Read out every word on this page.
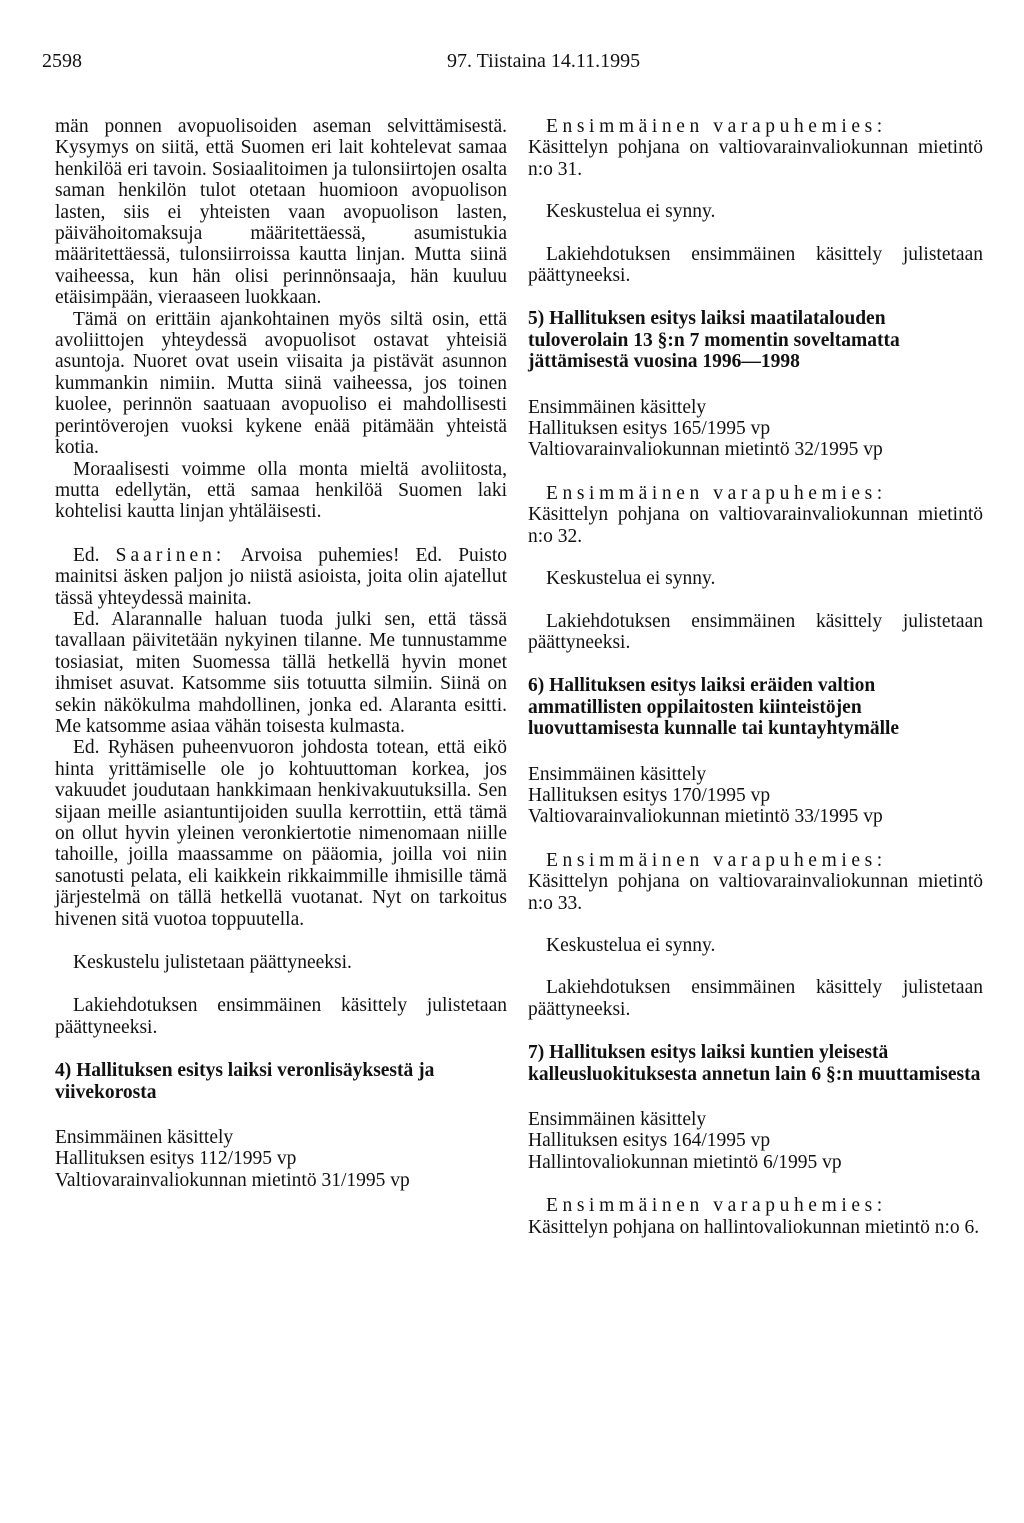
2598	97. Tiistaina 14.11.1995

män ponnen avopuolisoiden aseman selvittämisestä. Kysymys on siitä, että Suomen eri lait kohtelevat samaa henkilöä eri tavoin. Sosiaalitoimen ja tulonsiirtojen osalta saman henkilön tulot otetaan huomioon avopuolison lasten, siis ei yhteisten vaan avopuolison lasten, päivähoitomaksuja määritettäessä, asumistukia määritettäessä, tulonsiirroissa kautta linjan. Mutta siinä vaiheessa, kun hän olisi perinnönsaaja, hän kuuluu etäisimpään, vieraaseen luokkaan.

Tämä on erittäin ajankohtainen myös siltä osin, että avoliittojen yhteydessä avopuolisot ostavat yhteisiä asuntoja. Nuoret ovat usein viisaita ja pistävät asunnon kummankin nimiin. Mutta siinä vaiheessa, jos toinen kuolee, perinnön saatuaan avopuoliso ei mahdollisesti perintöverojen vuoksi kykene enää pitämään yhteistä kotia.

Moraalisesti voimme olla monta mieltä avoliitosta, mutta edellytän, että samaa henkilöä Suomen laki kohtelisi kautta linjan yhtäläisesti.

Ed. Saarinen: Arvoisa puhemies! Ed. Puisto mainitsi äsken paljon jo niistä asioista, joita olin ajatellut tässä yhteydessä mainita.

Ed. Alarannalle haluan tuoda julki sen, että tässä tavallaan päivitetään nykyinen tilanne. Me tunnustamme tosiasiat, miten Suomessa tällä hetkellä hyvin monet ihmiset asuvat. Katsomme siis totuutta silmiin. Siinä on sekin näkökulma mahdollinen, jonka ed. Alaranta esitti. Me katsomme asiaa vähän toisesta kulmasta.

Ed. Ryhäsen puheenvuoron johdosta totean, että eikö hinta yrittämiselle ole jo kohtuuttoman korkea, jos vakuudet joudutaan hankkimaan henkivakuutuksilla. Sen sijaan meille asiantuntijoiden suulla kerrottiin, että tämä on ollut hyvin yleinen veronkiertotie nimenomaan niille tahoille, joilla maassamme on pääomia, joilla voi niin sanotusti pelata, eli kaikkein rikkaimmille ihmisille tämä järjestelmä on tällä hetkellä vuotanat. Nyt on tarkoitus hivenen sitä vuotoa toppuutella.

Keskustelu julistetaan päättyneeksi.

Lakiehdotuksen ensimmäinen käsittely julistetaan päättyneeksi.

4) Hallituksen esitys laiksi veronlisäyksestä ja viivekorosta

Ensimmäinen käsittely

Hallituksen esitys 112/1995 vp

Valtiovarainvaliokunnan mietintö 31/1995 vp

Ensimmäinen varapuhemies:

Käsittelyn pohjana on valtiovarainvaliokunnan mietintö n:o 31.

Keskustelua ei synny.

Lakiehdotuksen ensimmäinen käsittely julistetaan päättyneeksi.

5) Hallituksen esitys laiksi maatilatalouden tuloverolain 13 §:n 7 momentin soveltamatta jättämisestä vuosina 1996—1998

Ensimmäinen käsittely

Hallituksen esitys 165/1995 vp

Valtiovarainvaliokunnan mietintö 32/1995 vp

Ensimmäinen varapuhemies:

Käsittelyn pohjana on valtiovarainvaliokunnan mietintö n:o 32.

Keskustelua ei synny.

Lakiehdotuksen ensimmäinen käsittely julistetaan päättyneeksi.

6) Hallituksen esitys laiksi eräiden valtion ammatillisten oppilaitosten kiinteistöjen luovuttamisesta kunnalle tai kuntayhtymälle

Ensimmäinen käsittely

Hallituksen esitys 170/1995 vp

Valtiovarainvaliokunnan mietintö 33/1995 vp

Ensimmäinen varapuhemies:

Käsittelyn pohjana on valtiovarainvaliokunnan mietintö n:o 33.

Keskustelua ei synny.

Lakiehdotuksen ensimmäinen käsittely julistetaan päättyneeksi.

7) Hallituksen esitys laiksi kuntien yleisestä kalleusluokituksesta annetun lain 6 §:n muuttamisesta

Ensimmäinen käsittely

Hallituksen esitys 164/1995 vp

Hallintovaliokunnan mietintö 6/1995 vp

Ensimmäinen varapuhemies:

Käsittelyn pohjana on hallintovaliokunnan mietintö n:o 6.
